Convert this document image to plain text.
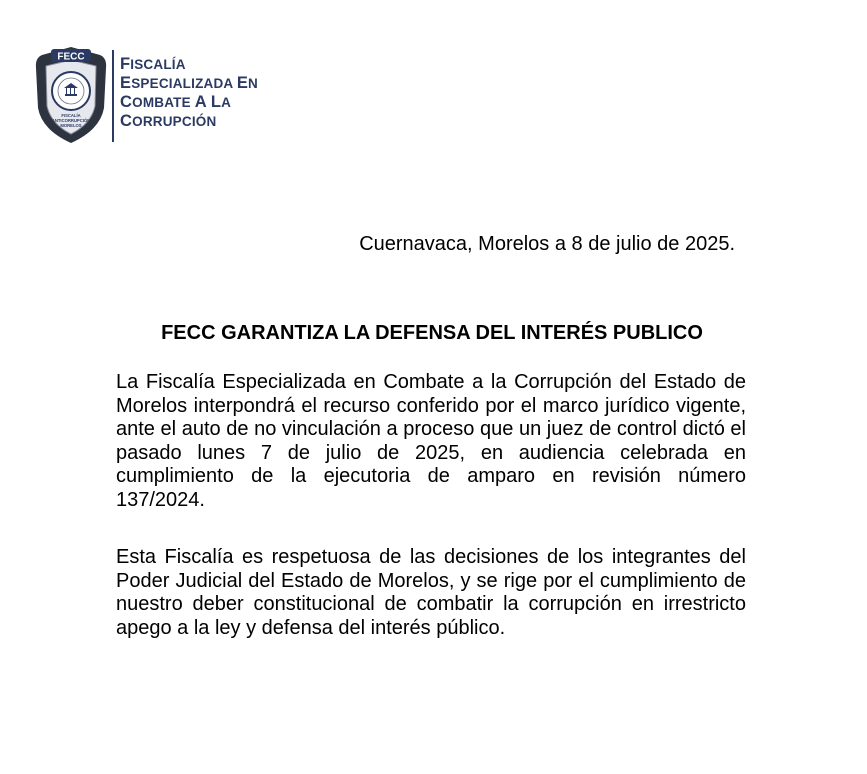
FECC
FISCALÍA
ANTICORRUPCIÓN
MORELOS
FISCALÍA
ESPECIALIZADA EN
COMBATE A LA
CORRUPCIÓN
Cuernavaca, Morelos a 8 de julio de 2025.
FECC GARANTIZA LA DEFENSA DEL INTERÉS PUBLICO

La Fiscalía Especializada en Combate a la Corrupción del Estado de Morelos interpondrá el recurso conferido por el marco jurídico vigente, ante el auto de no vinculación a proceso que un juez de control dictó el pasado lunes 7 de julio de 2025, en audiencia celebrada en cumplimiento de la ejecutoria de amparo en revisión número 137/2024.

Esta Fiscalía es respetuosa de las decisiones de los integrantes del Poder Judicial del Estado de Morelos, y se rige por el cumplimiento de nuestro deber constitucional de combatir la corrupción en irrestricto apego a la ley y defensa del interés público.
